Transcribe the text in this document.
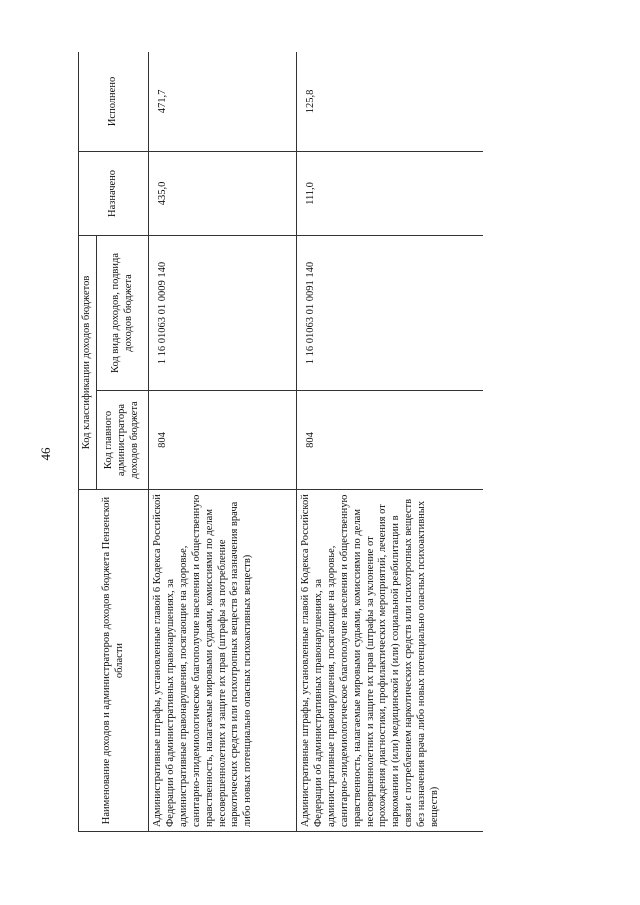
46
Наименование доходов и администраторов доходов бюджета Пензенской области	Код классификации доходов бюджетов		Назначено	Исполнено
	Код главного администратора доходов бюджета	Код вида доходов, подвида доходов бюджета		
Административные штрафы, установленные главой 6 Кодекса Российской Федерации об административных правонарушениях, за административные правонарушения, посягающие на здоровье, санитарно-эпидемиологическое благополучие населения и общественную нравственность, налагаемые мировыми судьями, комиссиями по делам несовершеннолетних и защите их прав (штрафы за потребление наркотических средств или психотропных веществ без назначения врача либо новых потенциально опасных психоактивных веществ)	804	1 16 01063 01 0009 140	435,0	471,7
Административные штрафы, установленные главой 6 Кодекса Российской Федерации об административных правонарушениях, за административные правонарушения, посягающие на здоровье, санитарно-эпидемиологическое благополучие населения и общественную нравственность, налагаемые мировыми судьями, комиссиями по делам несовершеннолетних и защите их прав (штрафы за уклонение от прохождения диагностики, профилактических мероприятий, лечения от наркомании и (или) медицинской и (или) социальной реабилитации в связи с потреблением наркотических средств или психотропных веществ без назначения врача либо новых потенциально опасных психоактивных веществ)	804	1 16 01063 01 0091 140	111,0	125,8
